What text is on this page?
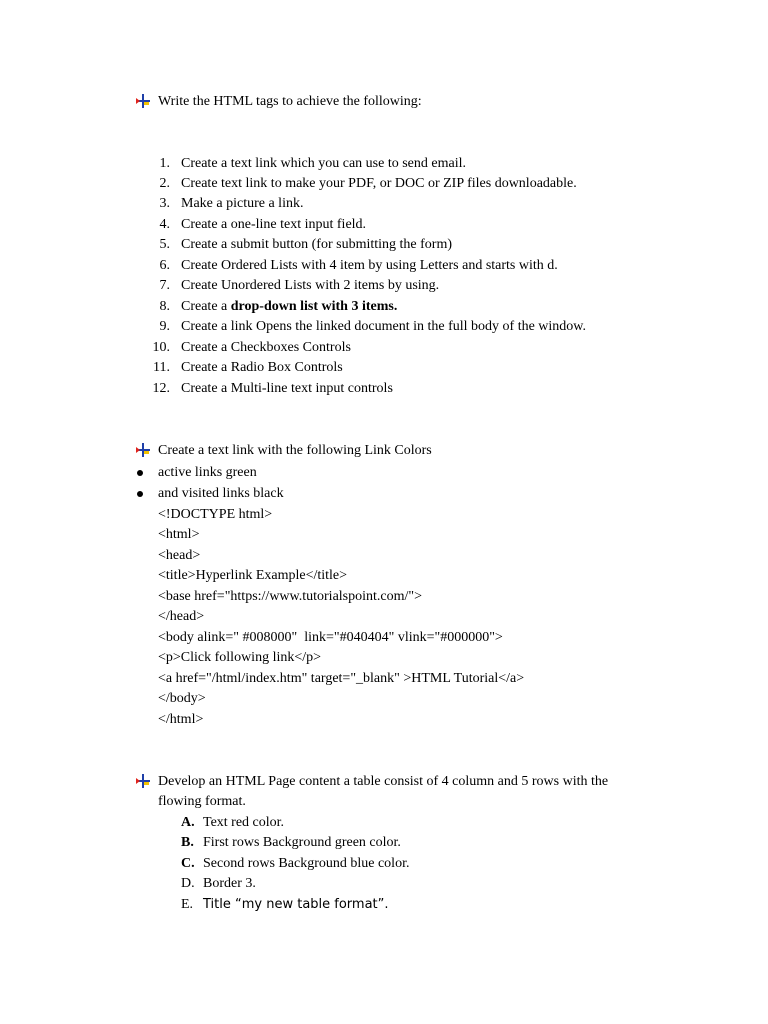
Write the HTML tags to achieve the following:
1. Create a text link which you can use to send email.
2. Create text link to make your PDF, or DOC or ZIP files downloadable.
3. Make a picture a link.
4. Create a one-line text input field.
5. Create a submit button (for submitting the form)
6. Create Ordered Lists with 4 item by using Letters and starts with d.
7. Create Unordered Lists with 2 items by using.
8. Create a drop-down list with 3 items.
9. Create a link Opens the linked document in the full body of the window.
10. Create a Checkboxes Controls
11. Create a Radio Box Controls
12. Create a Multi-line text input controls
Create a text link with the following Link Colors
active links green
and visited links black
<!DOCTYPE html>
<html>
<head>
<title>Hyperlink Example</title>
<base href="https://www.tutorialspoint.com/">
</head>
<body alink=" #008000"  link="#040404" vlink="#000000">
<p>Click following link</p>
<a href="/html/index.htm" target="_blank" >HTML Tutorial</a>
</body>
</html>
Develop an HTML Page content a table consist of 4 column and 5 rows with the
flowing format.
A. Text red color.
B. First rows Background green color.
C. Second rows Background blue color.
D. Border 3.
E. Title “my new table format”.
